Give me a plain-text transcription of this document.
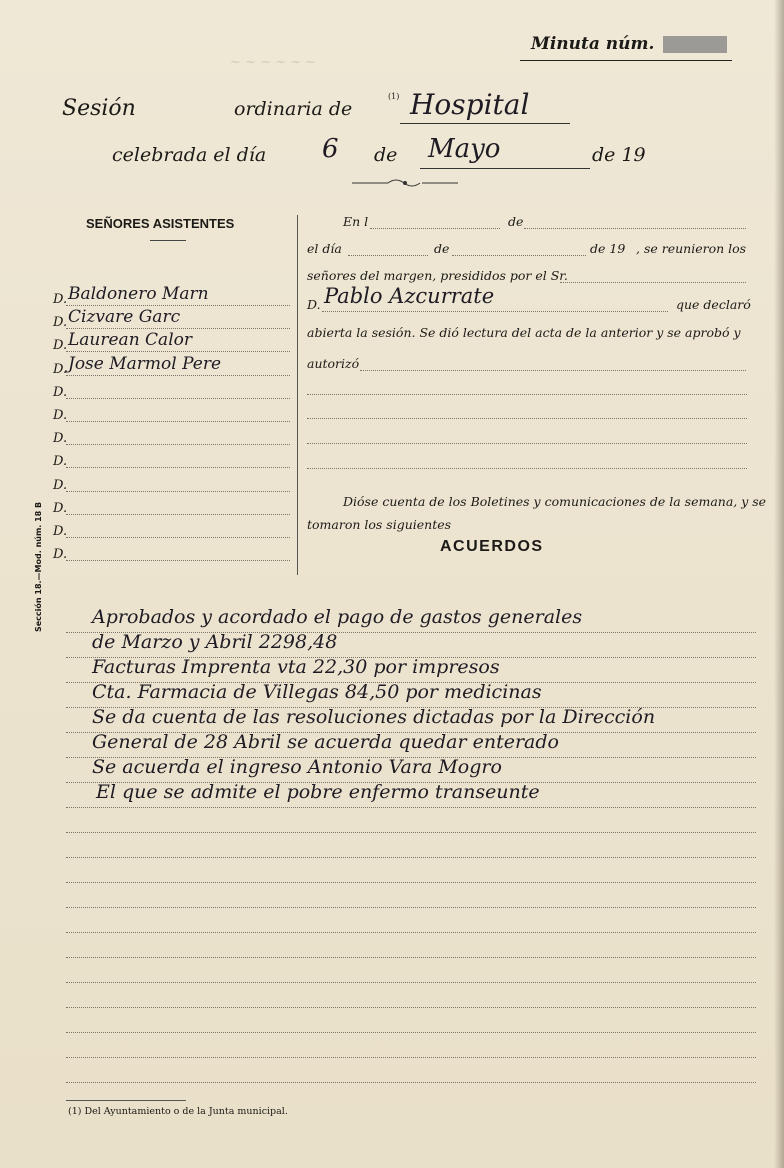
~ ~ ~ ~ ~ ~
Minuta núm.
Sesión	ordinaria de
(1) Hospital
celebrada el día 6 de Mayo	de 19
SEÑORES ASISTENTES
D. Baldonero Marn
D. Cizvare Garc
D. Laurean Calor
D. Jose Marmol Pere
D.
D.
D.
D.
D.
D.
D.
D.
En l	de
el día	de	de 19 , se reunieron los
señores del margen, presididos por el Sr.
D. Pablo Azcurrate	que declaró
abierta la sesión. Se dió lectura del acta de la anterior y se aprobó y
autorizó
Dióse cuenta de los Boletines y comunicaciones de la semana, y se
tomaron los siguientes
ACUERDOS
Sección 18.—Mod. núm. 18 B	Aprobados y acordado el pago de gastos generales
de Marzo y Abril 2298,48
Facturas Imprenta vta 22,30 por impresos
Cta. Farmacia de Villegas 84,50 por medicinas
Se da cuenta de las resoluciones dictadas por la Dirección
General de 28 Abril se acuerda quedar enterado
Se acuerda el ingreso Antonio Vara Mogro
El que se admite el pobre enfermo transeunte
(1) Del Ayuntamiento o de la Junta municipal.
